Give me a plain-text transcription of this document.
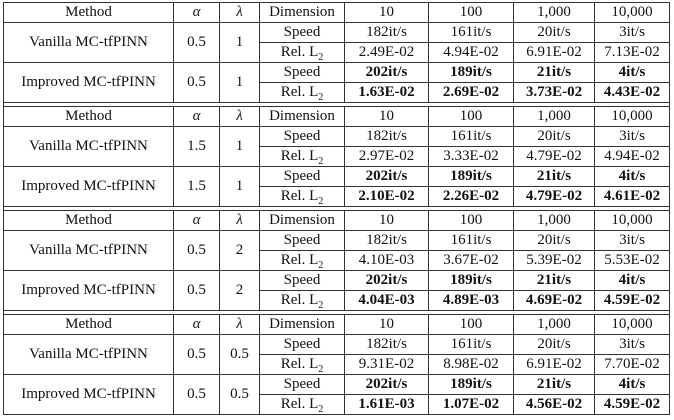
Method	α	λ	Dimension	10	100	1,000	10,000
Vanilla MC-tfPINN	0.5	1	Speed	182it/s	161it/s	20it/s	3it/s
			Rel. $L_2$	2.49E-02	4.94E-02	6.91E-02	7.13E-02
Improved MC-tfPINN	0.5	1	Speed	202it/s	189it/s	21it/s	4it/s
			Rel. $L_2$	1.63E-02	2.69E-02	3.73E-02	4.43E-02

Method	α	λ	Dimension	10	100	1,000	10,000
Vanilla MC-tfPINN	1.5	1	Speed	182it/s	161it/s	20it/s	3it/s
			Rel. $L_2$	2.97E-02	3.33E-02	4.79E-02	4.94E-02
Improved MC-tfPINN	1.5	1	Speed	202it/s	189it/s	21it/s	4it/s
			Rel. $L_2$	2.10E-02	2.26E-02	4.79E-02	4.61E-02

Method	α	λ	Dimension	10	100	1,000	10,000
Vanilla MC-tfPINN	0.5	2	Speed	182it/s	161it/s	20it/s	3it/s
			Rel. $L_2$	4.10E-03	3.67E-02	5.39E-02	5.53E-02
Improved MC-tfPINN	0.5	2	Speed	202it/s	189it/s	21it/s	4it/s
			Rel. $L_2$	4.04E-03	4.89E-03	4.69E-02	4.59E-02

Method	α	λ	Dimension	10	100	1,000	10,000
Vanilla MC-tfPINN	0.5	0.5	Speed	182it/s	161it/s	20it/s	3it/s
			Rel. $L_2$	9.31E-02	8.98E-02	6.91E-02	7.70E-02
Improved MC-tfPINN	0.5	0.5	Speed	202it/s	189it/s	21it/s	4it/s
			Rel. $L_2$	1.61E-03	1.07E-02	4.56E-02	4.59E-02
